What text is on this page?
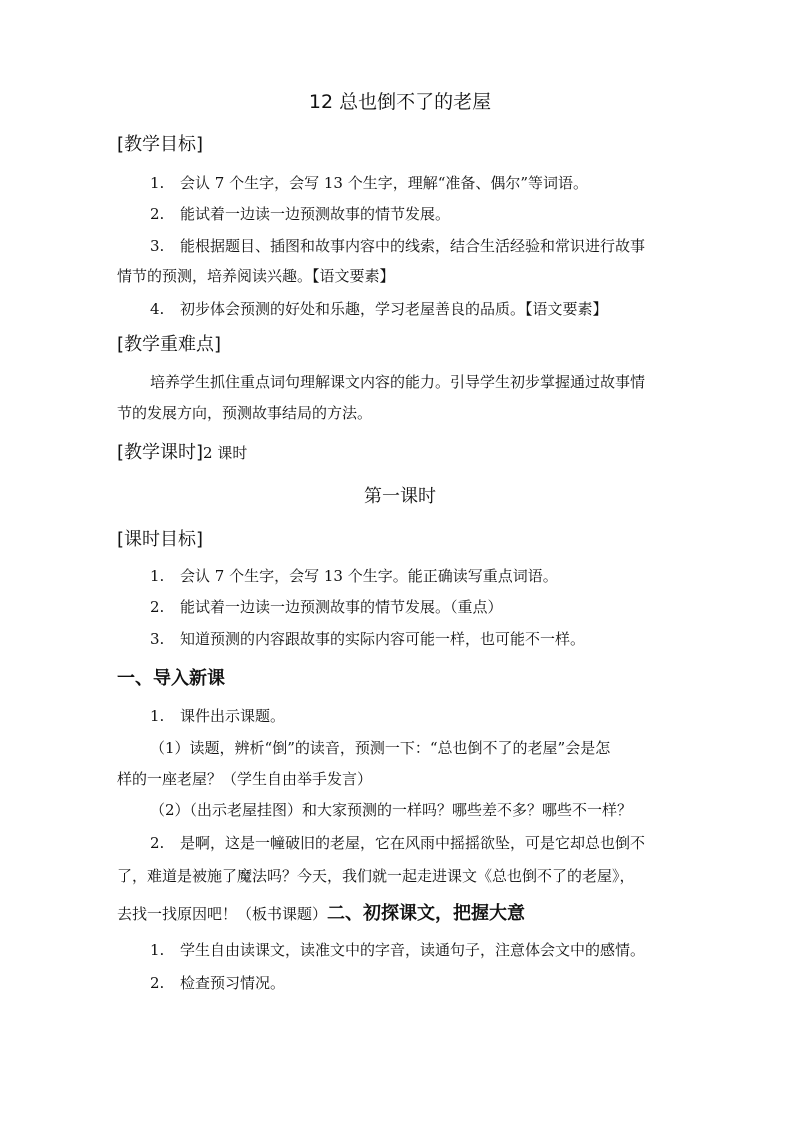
12 总也倒不了的老屋
[教学目标]
1. 会认 7 个生字，会写 13 个生字，理解“准备、偶尔”等词语。
2. 能试着一边读一边预测故事的情节发展。
3. 能根据题目、插图和故事内容中的线索，结合生活经验和常识进行故事
情节的预测，培养阅读兴趣。【语文要素】
4. 初步体会预测的好处和乐趣，学习老屋善良的品质。【语文要素】
[教学重难点]
培养学生抓住重点词句理解课文内容的能力。引导学生初步掌握通过故事情
节的发展方向，预测故事结局的方法。
[教学课时]2 课时
第一课时
[课时目标]
1. 会认 7 个生字，会写 13 个生字。能正确读写重点词语。
2. 能试着一边读一边预测故事的情节发展。（重点）
3. 知道预测的内容跟故事的实际内容可能一样，也可能不一样。
一、导入新课
1. 课件出示课题。
（1）读题，辨析“倒”的读音，预测一下：“总也倒不了的老屋”会是怎
样的一座老屋？（学生自由举手发言）
（2）（出示老屋挂图）和大家预测的一样吗？哪些差不多？哪些不一样？
2. 是啊，这是一幢破旧的老屋，它在风雨中摇摇欲坠，可是它却总也倒不
了，难道是被施了魔法吗？今天，我们就一起走进课文《总也倒不了的老屋》，
去找一找原因吧！（板书课题）二、初探课文，把握大意
1. 学生自由读课文，读准文中的字音，读通句子，注意体会文中的感情。
2. 检查预习情况。
